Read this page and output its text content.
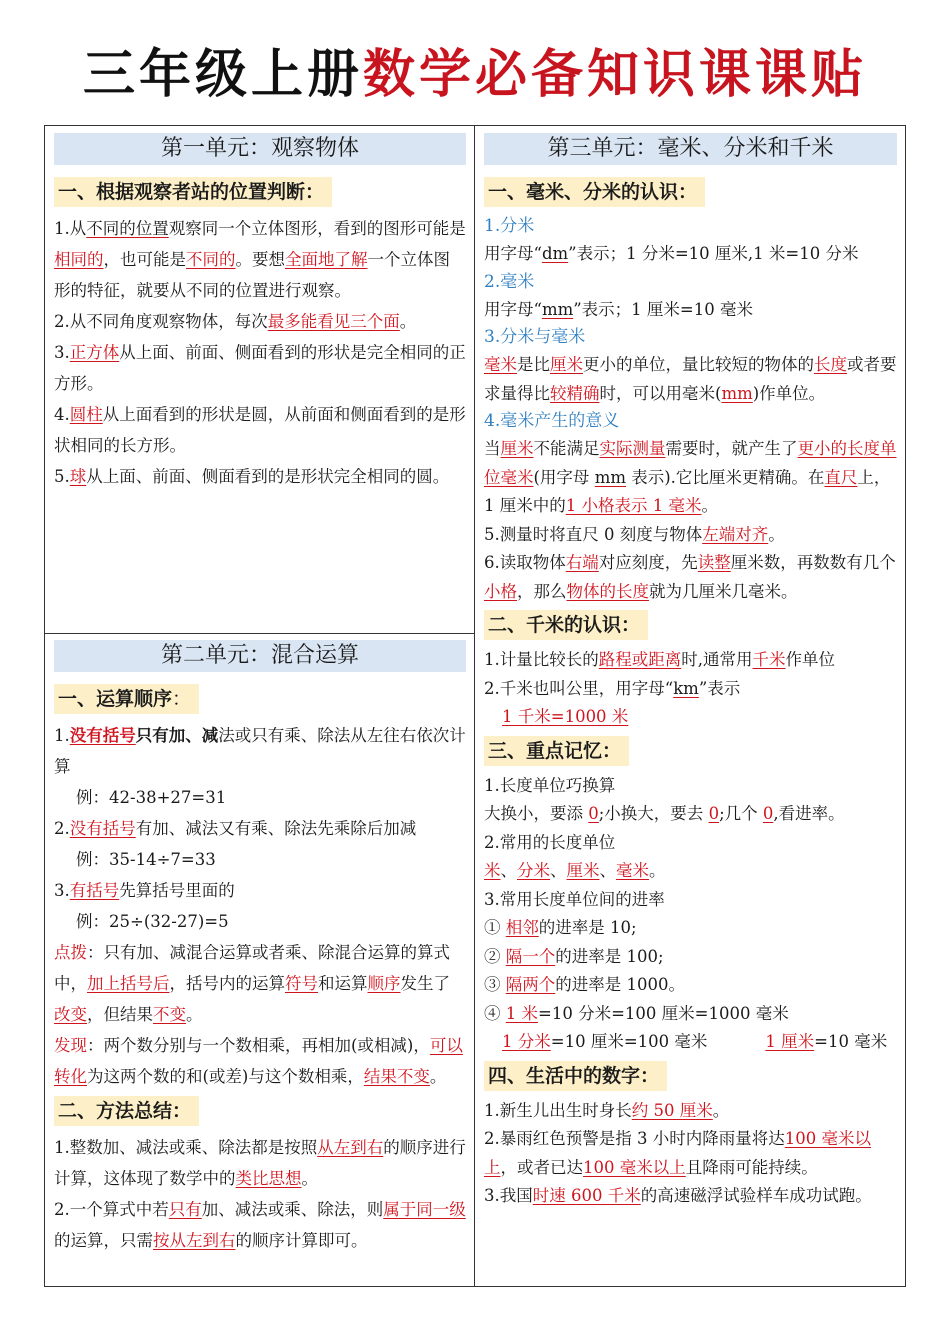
三年级上册数学必备知识课课贴
第一单元：观察物体
一、根据观察者站的位置判断：

1.从不同的位置观察同一个立体图形，看到的图形可能是相同的，也可能是不同的。要想全面地了解一个立体图形的特征，就要从不同的位置进行观察。

2.从不同角度观察物体，每次最多能看见三个面。

3.正方体从上面、前面、侧面看到的形状是完全相同的正方形。

4.圆柱从上面看到的形状是圆，从前面和侧面看到的是形状相同的长方形。

5.球从上面、前面、侧面看到的是形状完全相同的圆。

第二单元：混合运算
一、运算顺序：

1.没有括号只有加、减法或只有乘、除法从左往右依次计算

例：42-38+27=31

2.没有括号有加、减法又有乘、除法先乘除后加减

例：35-14÷7=33

3.有括号先算括号里面的

例：25÷(32-27)=5

点拨：只有加、减混合运算或者乘、除混合运算的算式中，加上括号后，括号内的运算符号和运算顺序发生了改变，但结果不变。

发现：两个数分别与一个数相乘，再相加(或相减)，可以转化为这两个数的和(或差)与这个数相乘，结果不变。

二、方法总结：

1.整数加、减法或乘、除法都是按照从左到右的顺序进行计算，这体现了数学中的类比思想。

2.一个算式中若只有加、减法或乘、除法，则属于同一级的运算，只需按从左到右的顺序计算即可。

第三单元：毫米、分米和千米
一、毫米、分米的认识：
1.分米

用字母“dm”表示；1 分米=10 厘米,1 米=10 分米

2.毫米

用字母“mm”表示；1 厘米=10 毫米

3.分米与毫米

毫米是比厘米更小的单位，量比较短的物体的长度或者要求量得比较精确时，可以用毫米(mm)作单位。

4.毫米产生的意义

当厘米不能满足实际测量需要时，就产生了更小的长度单位毫米(用字母 mm 表示).它比厘米更精确。在直尺上，1 厘米中的1 小格表示 1 毫米。

5.测量时将直尺 0 刻度与物体左端对齐。

6.读取物体右端对应刻度，先读整厘米数，再数数有几个小格，那么物体的长度就为几厘米几毫米。

二、千米的认识：

1.计量比较长的路程或距离时,通常用千米作单位

2.千米也叫公里，用字母“km”表示

1 千米=1000 米

三、重点记忆：

1.长度单位巧换算

大换小，要添 0;小换大，要去 0;几个 0,看进率。

2.常用的长度单位

米、分米、厘米、毫米。

3.常用长度单位间的进率

① 相邻的进率是 10;

② 隔一个的进率是 100;

③ 隔两个的进率是 1000。

④ 1 米=10 分米=100 厘米=1000 毫米

1 分米=10 厘米=100 毫米	1 厘米=10 毫米

四、生活中的数字：

1.新生儿出生时身长约 50 厘米。

2.暴雨红色预警是指 3 小时内降雨量将达100 毫米以上，或者已达100 毫米以上且降雨可能持续。

3.我国时速 600 千米的高速磁浮试验样车成功试跑。
